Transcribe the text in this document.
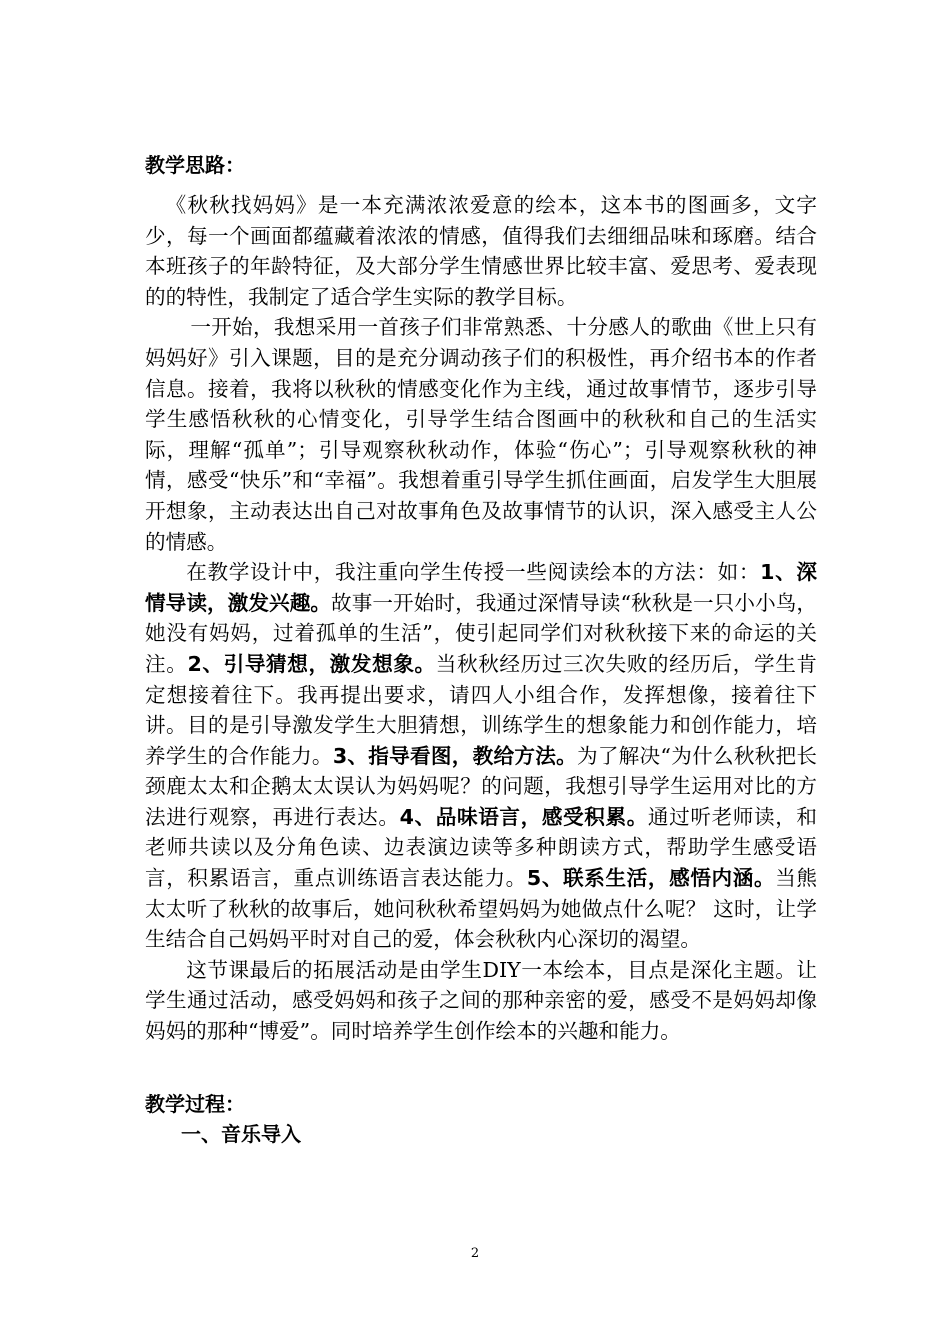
教学思路：

《秋秋找妈妈》是一本充满浓浓爱意的绘本，这本书的图画多，文字少，每一个画面都蕴藏着浓浓的情感，值得我们去细细品味和琢磨。结合本班孩子的年龄特征，及大部分学生情感世界比较丰富、爱思考、爱表现的的特性，我制定了适合学生实际的教学目标。

一开始，我想采用一首孩子们非常熟悉、十分感人的歌曲《世上只有妈妈好》引入课题，目的是充分调动孩子们的积极性，再介绍书本的作者信息。接着，我将以秋秋的情感变化作为主线，通过故事情节，逐步引导学生感悟秋秋的心情变化，引导学生结合图画中的秋秋和自己的生活实际，理解“孤单”；引导观察秋秋动作，体验“伤心”；引导观察秋秋的神情，感受“快乐”和“幸福”。我想着重引导学生抓住画面，启发学生大胆展开想象，主动表达出自己对故事角色及故事情节的认识，深入感受主人公的情感。

在教学设计中，我注重向学生传授一些阅读绘本的方法：如：1、深情导读，激发兴趣。故事一开始时，我通过深情导读“秋秋是一只小小鸟，她没有妈妈，过着孤单的生活”，使引起同学们对秋秋接下来的命运的关注。2、引导猜想，激发想象。当秋秋经历过三次失败的经历后，学生肯定想接着往下。我再提出要求，请四人小组合作，发挥想像，接着往下讲。目的是引导激发学生大胆猜想，训练学生的想象能力和创作能力，培养学生的合作能力。3、指导看图，教给方法。为了解决“为什么秋秋把长颈鹿太太和企鹅太太误认为妈妈呢？的问题，我想引导学生运用对比的方法进行观察，再进行表达。4、品味语言，感受积累。通过听老师读，和老师共读以及分角色读、边表演边读等多种朗读方式，帮助学生感受语言，积累语言，重点训练语言表达能力。5、联系生活，感悟内涵。当熊太太听了秋秋的故事后，她问秋秋希望妈妈为她做点什么呢？ 这时，让学生结合自己妈妈平时对自己的爱，体会秋秋内心深切的渴望。

这节课最后的拓展活动是由学生DIY一本绘本，目点是深化主题。让学生通过活动，感受妈妈和孩子之间的那种亲密的爱，感受不是妈妈却像妈妈的那种“博爱”。同时培养学生创作绘本的兴趣和能力。

教学过程：

一、音乐导入

2
